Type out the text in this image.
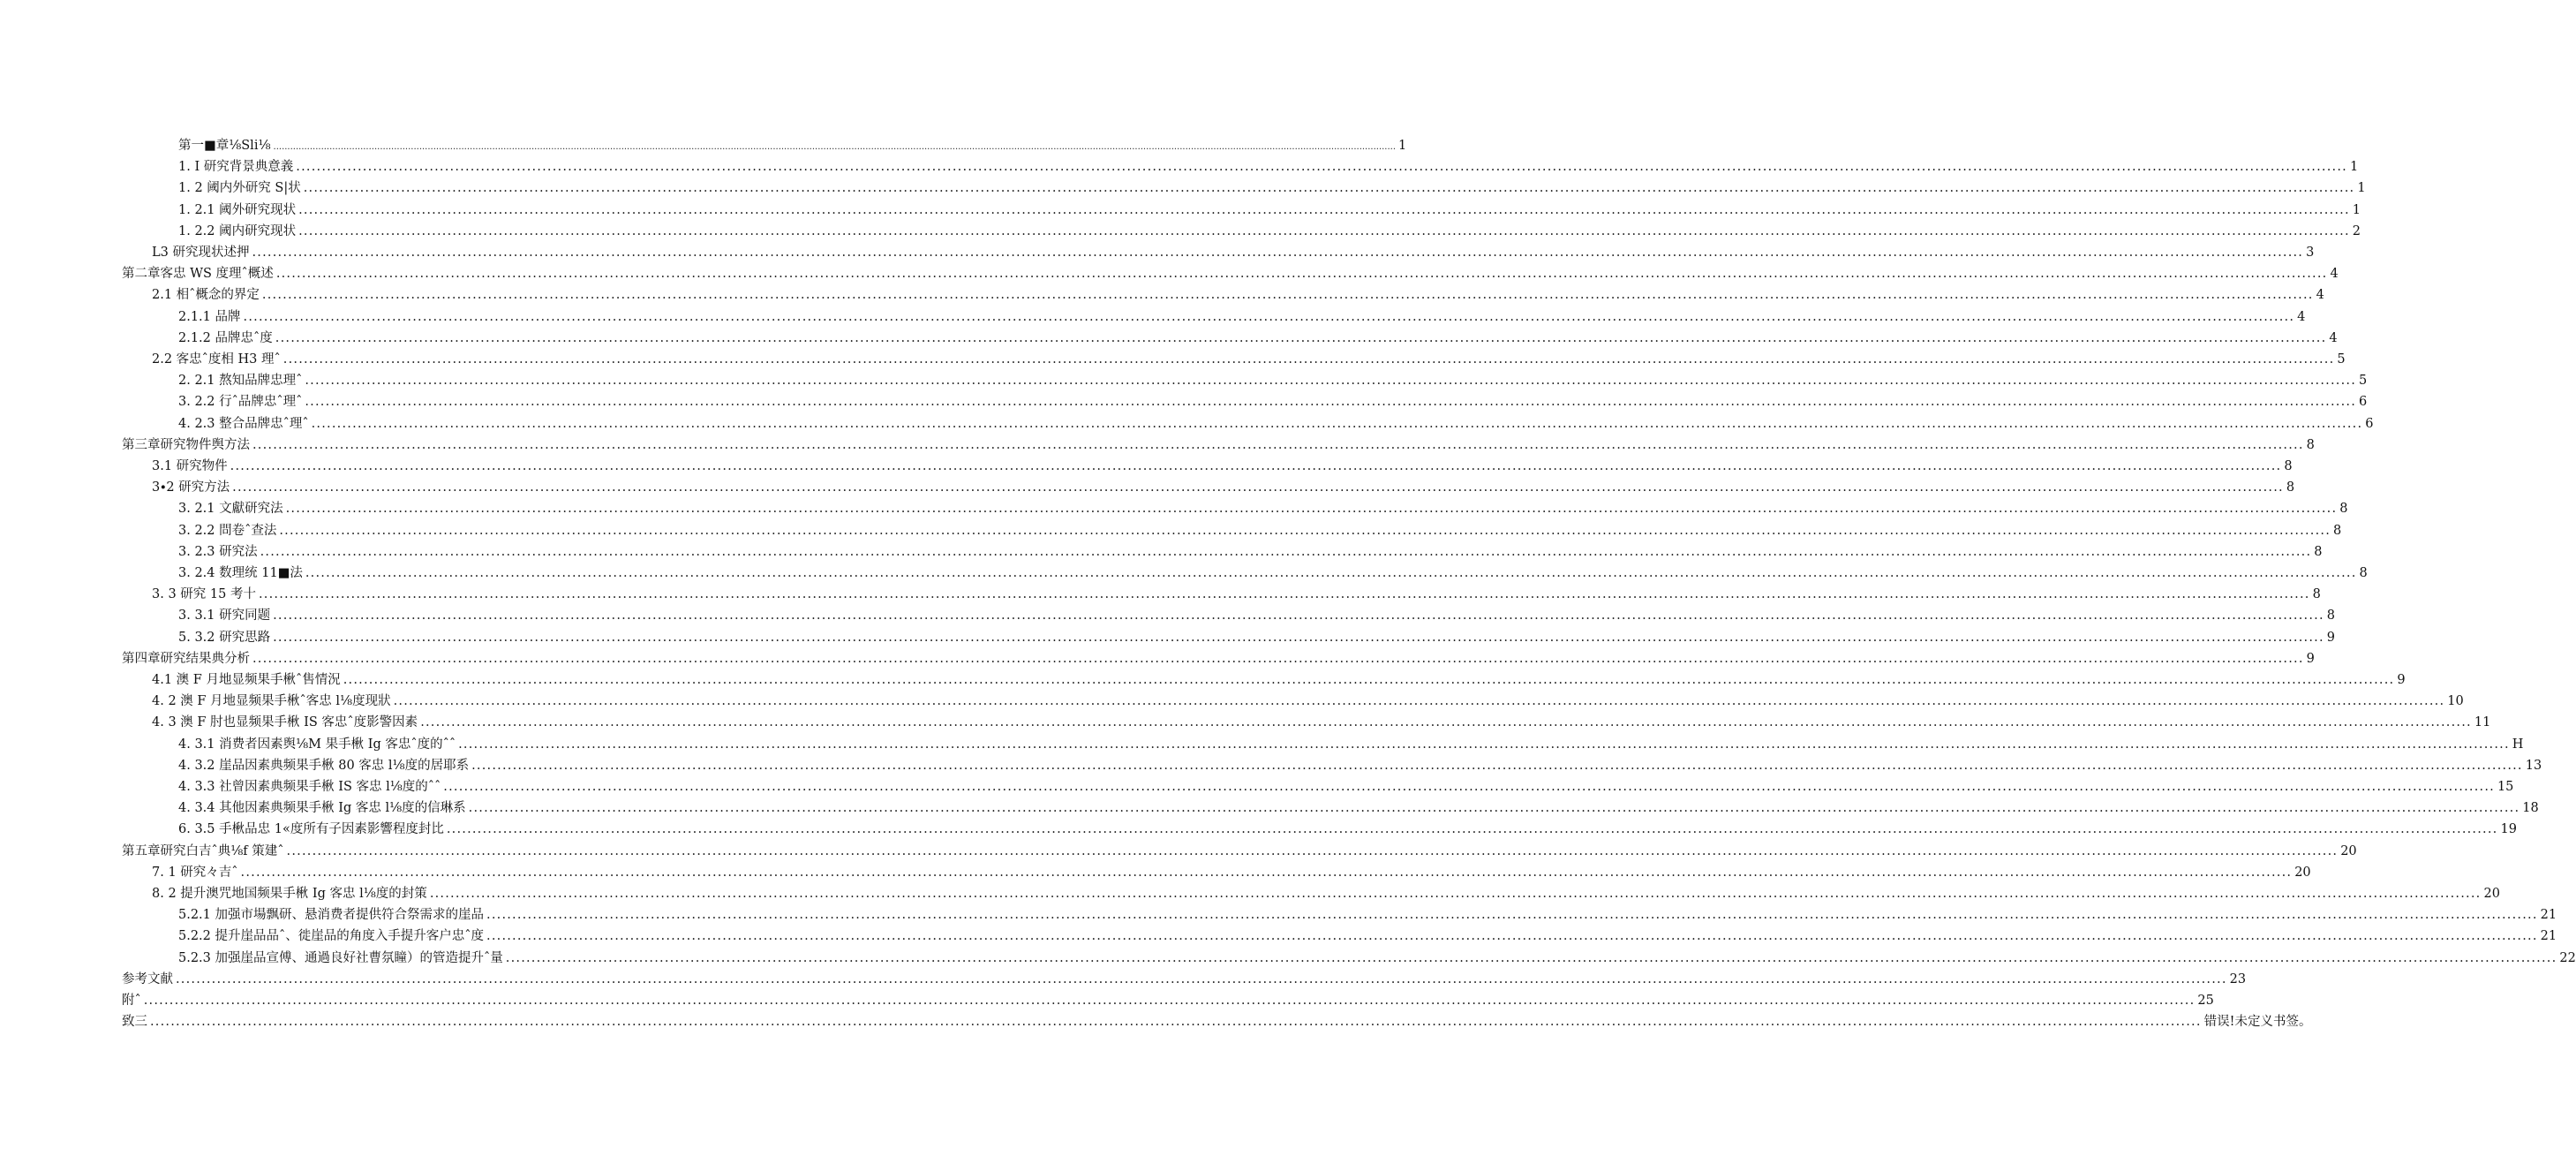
第一■章⅛Sli⅛ ................................................................................................................................................................................................................................................................................................................................................................................................................ 1
1. I 研究背景典意義 ................................................................................................................................................................................................................................................................................................................................................................................................................ 1
1. 2 阈内外研究 S|状 ................................................................................................................................................................................................................................................................................................................................................................................................................ 1
1. 2.1 阈外研究现状 ................................................................................................................................................................................................................................................................................................................................................................................................................ 1
1. 2.2 阈内研究现状 ................................................................................................................................................................................................................................................................................................................................................................................................................ 2
L3 研究现状述押 ................................................................................................................................................................................................................................................................................................................................................................................................................ 3
第二章客忠 WS 度理ˆ概述 ................................................................................................................................................................................................................................................................................................................................................................................................................ 4
2.1 相ˆ概念的界定 ................................................................................................................................................................................................................................................................................................................................................................................................................ 4
2.1.1 品牌 ................................................................................................................................................................................................................................................................................................................................................................................................................ 4
2.1.2 品牌忠ˆ度 ................................................................................................................................................................................................................................................................................................................................................................................................................ 4
2.2 客忠ˆ度相 H3 理ˆ ................................................................................................................................................................................................................................................................................................................................................................................................................ 5
2. 2.1 熬知品牌忠理ˆ ................................................................................................................................................................................................................................................................................................................................................................................................................ 5
3. 2.2 行ˆ品牌忠ˆ理ˆ ................................................................................................................................................................................................................................................................................................................................................................................................................ 6
4. 2.3 整合品牌忠ˆ理ˆ ................................................................................................................................................................................................................................................................................................................................................................................................................ 6
第三章研究物件舆方法 ................................................................................................................................................................................................................................................................................................................................................................................................................ 8
3.1 研究物件 ................................................................................................................................................................................................................................................................................................................................................................................................................ 8
3∙2 研究方法 ................................................................................................................................................................................................................................................................................................................................................................................................................ 8
3. 2.1 文獻研究法 ................................................................................................................................................................................................................................................................................................................................................................................................................ 8
3. 2.2 問卷ˆ查法 ................................................................................................................................................................................................................................................................................................................................................................................................................ 8
3. 2.3 研究法 ................................................................................................................................................................................................................................................................................................................................................................................................................ 8
3. 2.4 数理统 11■法 ................................................................................................................................................................................................................................................................................................................................................................................................................ 8
3. 3 研究 15 考十 ................................................................................................................................................................................................................................................................................................................................................................................................................ 8
3. 3.1 研究同题 ................................................................................................................................................................................................................................................................................................................................................................................................................ 8
5. 3.2 研究思路 ................................................................................................................................................................................................................................................................................................................................................................................................................ 9
第四章研究结果典分析 ................................................................................................................................................................................................................................................................................................................................................................................................................ 9
4.1 澳 F 月地显频果手楸ˆ售情況 ................................................................................................................................................................................................................................................................................................................................................................................................................ 9
4. 2 澳 F 月地显频果手楸ˆ客忠 l⅛度现狀 ................................................................................................................................................................................................................................................................................................................................................................................................................ 10
4. 3 澳 F 肘也显频果手楸 IS 客忠ˆ度影警因素 ................................................................................................................................................................................................................................................................................................................................................................................................................ 11
4. 3.1 消费者因素舆⅛M 果手楸 Ig 客忠ˆ度的ˆˆ ................................................................................................................................................................................................................................................................................................................................................................................................................ H
4. 3.2 崖品因素典频果手楸 80 客忠 l⅛度的居耶系 ................................................................................................................................................................................................................................................................................................................................................................................................................ 13
4. 3.3 社曾因素典频果手楸 IS 客忠 l⅛度的ˆˆ ................................................................................................................................................................................................................................................................................................................................................................................................................ 15
4. 3.4 其他因素典频果手楸 Ig 客忠 l⅛度的信琳系 ................................................................................................................................................................................................................................................................................................................................................................................................................ 18
6. 3.5 手楸品忠 1«度所有子因素影響程度封比 ................................................................................................................................................................................................................................................................................................................................................................................................................ 19
第五章研究白吉ˆ典⅛f 策建ˆ ................................................................................................................................................................................................................................................................................................................................................................................................................ 20
7. 1 研究々吉ˆ ................................................................................................................................................................................................................................................................................................................................................................................................................ 20
8. 2 提升澳咒地国频果手楸 Ig 客忠 l⅛度的封策 ................................................................................................................................................................................................................................................................................................................................................................................................................ 20
5.2.1 加强市場飘研、悬消费者提供符合祭需求的崖品 ................................................................................................................................................................................................................................................................................................................................................................................................................ 21
5.2.2 提升崖品品ˆ、徙崖品的角度入手提升客户忠ˆ度 ................................................................................................................................................................................................................................................................................................................................................................................................................ 21
5.2.3 加强崖品宣傅、通過良好社曹氛瞳）的管造提升ˆ量 ................................................................................................................................................................................................................................................................................................................................................................................................................ 22
参考文献 ................................................................................................................................................................................................................................................................................................................................................................................................................ 23
附ˆ ................................................................................................................................................................................................................................................................................................................................................................................................................ 25
致三 ................................................................................................................................................................................................................................................................................................................................................................................................................ 错误!未定义书签。
